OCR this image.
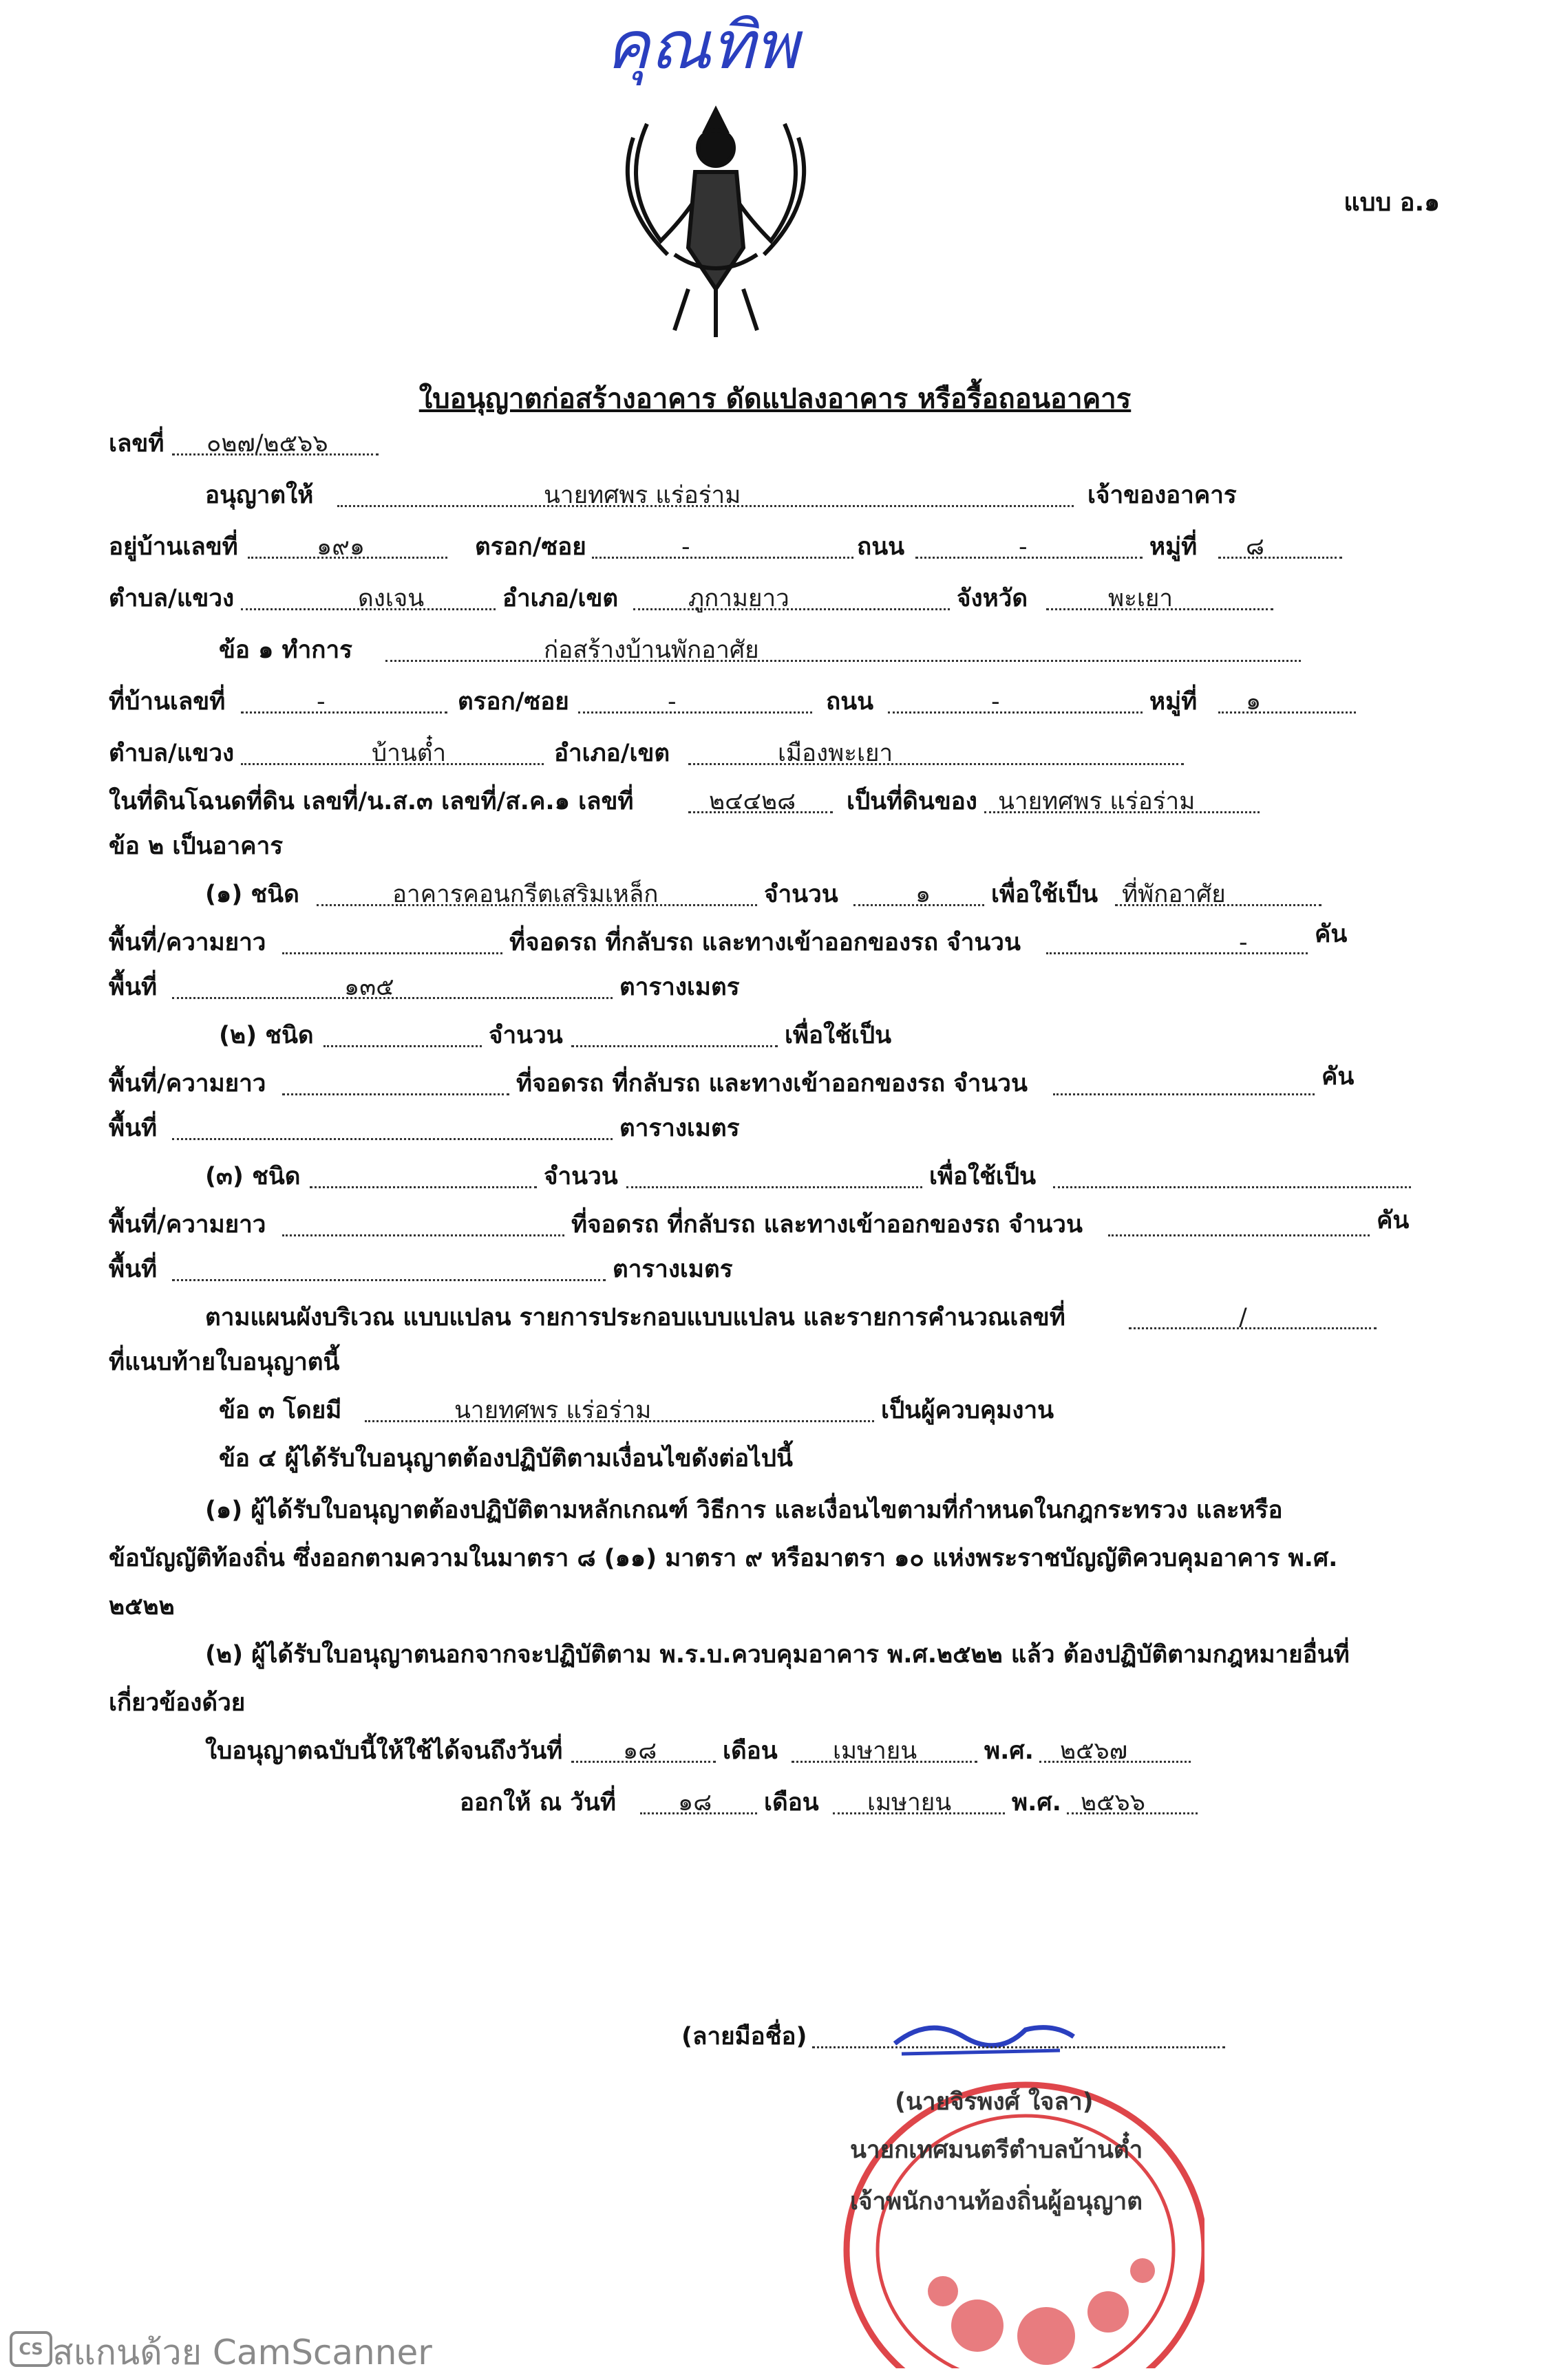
คุณทิพ
แบบ อ.๑
ใบอนุญาตก่อสร้างอาคาร ดัดแปลงอาคาร หรือรื้อถอนอาคาร
เลขที่ ๐๒๗/๒๕๖๖
อนุญาตให้	นายทศพร แร่อร่าม	เจ้าของอาคาร
อยู่บ้านเลขที่	๑๙๑	ตรอก/ซอย	-	ถนน	-	หมู่ที่ ๘
ตำบล/แขวง	ดงเจน	อำเภอ/เขต	ภูกามยาว	จังหวัด	พะเยา
ข้อ ๑ ทำการ	ก่อสร้างบ้านพักอาศัย
ที่บ้านเลขที่	-	ตรอก/ซอย	-	ถนน	-	หมู่ที่ ๑
ตำบล/แขวง	บ้านต๋ำ	อำเภอ/เขต	เมืองพะเยา
ในที่ดินโฉนดที่ดิน เลขที่/น.ส.๓ เลขที่/ส.ค.๑ เลขที่	๒๔๔๒๘ เป็นที่ดินของ นายทศพร แร่อร่าม
ข้อ ๒ เป็นอาคาร
(๑) ชนิด	อาคารคอนกรีตเสริมเหล็ก	จำนวน	๑	เพื่อใช้เป็น ที่พักอาศัย
พื้นที่/ความยาว	ที่จอดรถ ที่กลับรถ และทางเข้าออกของรถ จำนวน	-	คัน
พื้นที่	๑๓๕	ตารางเมตร
(๒) ชนิด	จำนวน	เพื่อใช้เป็น
พื้นที่/ความยาว	ที่จอดรถ ที่กลับรถ และทางเข้าออกของรถ จำนวน	คัน
พื้นที่	ตารางเมตร
(๓) ชนิด	จำนวน	เพื่อใช้เป็น
พื้นที่/ความยาว	ที่จอดรถ ที่กลับรถ และทางเข้าออกของรถ จำนวน	คัน
พื้นที่	ตารางเมตร
ตามแผนผังบริเวณ แบบแปลน รายการประกอบแบบแปลน และรายการคำนวณเลขที่	/
ที่แนบท้ายใบอนุญาตนี้
ข้อ ๓ โดยมี	นายทศพร แร่อร่าม	เป็นผู้ควบคุมงาน
ข้อ ๔ ผู้ได้รับใบอนุญาตต้องปฏิบัติตามเงื่อนไขดังต่อไปนี้
(๑) ผู้ได้รับใบอนุญาตต้องปฏิบัติตามหลักเกณฑ์ วิธีการ และเงื่อนไขตามที่กำหนดในกฎกระทรวง และหรือ
ข้อบัญญัติท้องถิ่น ซึ่งออกตามความในมาตรา ๘ (๑๑) มาตรา ๙ หรือมาตรา ๑๐ แห่งพระราชบัญญัติควบคุมอาคาร พ.ศ.
๒๕๒๒
(๒) ผู้ได้รับใบอนุญาตนอกจากจะปฏิบัติตาม พ.ร.บ.ควบคุมอาคาร พ.ศ.๒๕๒๒ แล้ว ต้องปฏิบัติตามกฎหมายอื่นที่
เกี่ยวข้องด้วย
ใบอนุญาตฉบับนี้ให้ใช้ได้จนถึงวันที่	๑๘	เดือน เมษายน	พ.ศ. ๒๕๖๗
ออกให้ ณ วันที่	๑๘ เดือน เมษายน	พ.ศ. ๒๕๖๖
(ลายมือชื่อ)
(นายจิรพงศ์ ใจลา)
นายกเทศมนตรีตำบลบ้านต๋ำ
เจ้าพนักงานท้องถิ่นผู้อนุญาต
CS สแกนด้วย CamScanner
